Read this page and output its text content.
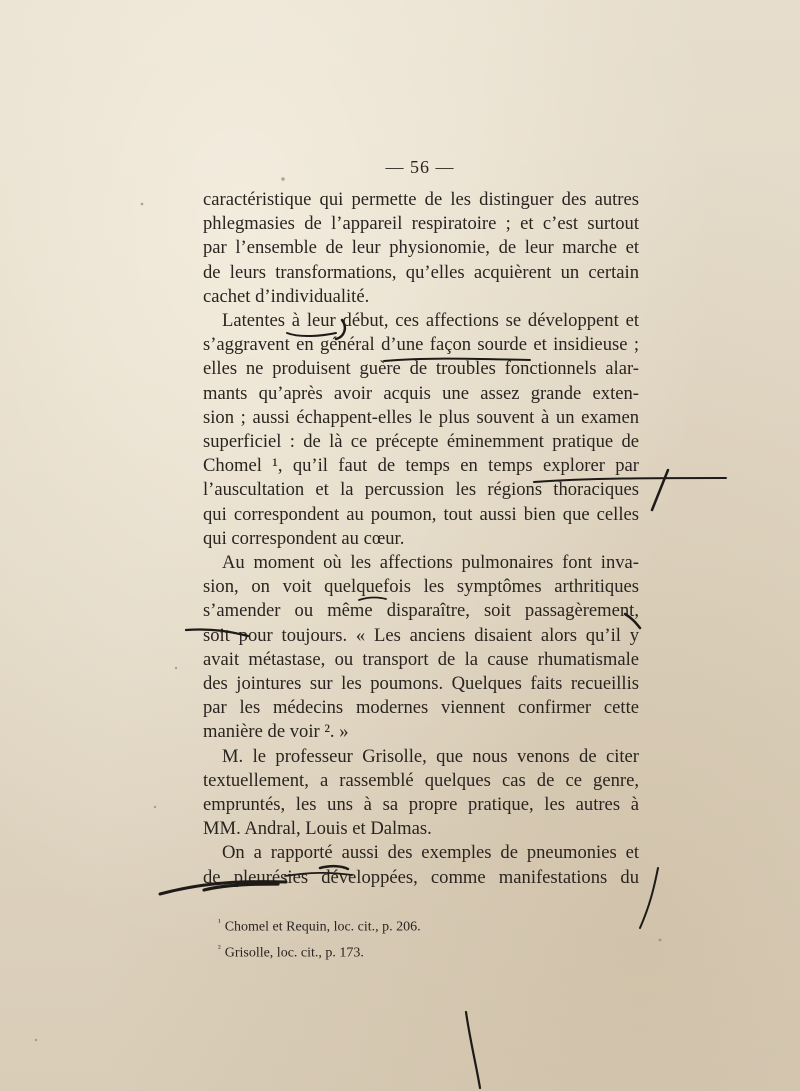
— 56 —

caractéristique qui permette de les distinguer des autres
phlegmasies de l’appareil respiratoire ; et c’est surtout
par l’ensemble de leur physionomie, de leur marche et
de leurs transformations, qu’elles acquièrent un certain
cachet d’individualité.

Latentes à leur début, ces affections se développent et
s’aggravent en général d’une façon sourde et insidieuse ;
elles ne produisent guère de troubles fonctionnels alar-
mants qu’après avoir acquis une assez grande exten-
sion ; aussi échappent-elles le plus souvent à un examen
superficiel : de là ce précepte éminemment pratique de
Chomel ¹, qu’il faut de temps en temps explorer par
l’auscultation et la percussion les régions thoraciques
qui correspondent au poumon, tout aussi bien que celles
qui correspondent au cœur.

Au moment où les affections pulmonaires font inva-
sion, on voit quelquefois les symptômes arthritiques
s’amender ou même disparaître, soit passagèrement,
soit pour toujours. « Les anciens disaient alors qu’il y
avait métastase, ou transport de la cause rhumatismale
des jointures sur les poumons. Quelques faits recueillis
par les médecins modernes viennent confirmer cette
manière de voir ². »

M. le professeur Grisolle, que nous venons de citer
textuellement, a rassemblé quelques cas de ce genre,
empruntés, les uns à sa propre pratique, les autres à
MM. Andral, Louis et Dalmas.

On a rapporté aussi des exemples de pneumonies et
de pleurésies développées, comme manifestations du

$^{^1}$ Chomel et Requin, loc. cit., p. 206.
$^{^2}$ Grisolle, loc. cit., p. 173.
